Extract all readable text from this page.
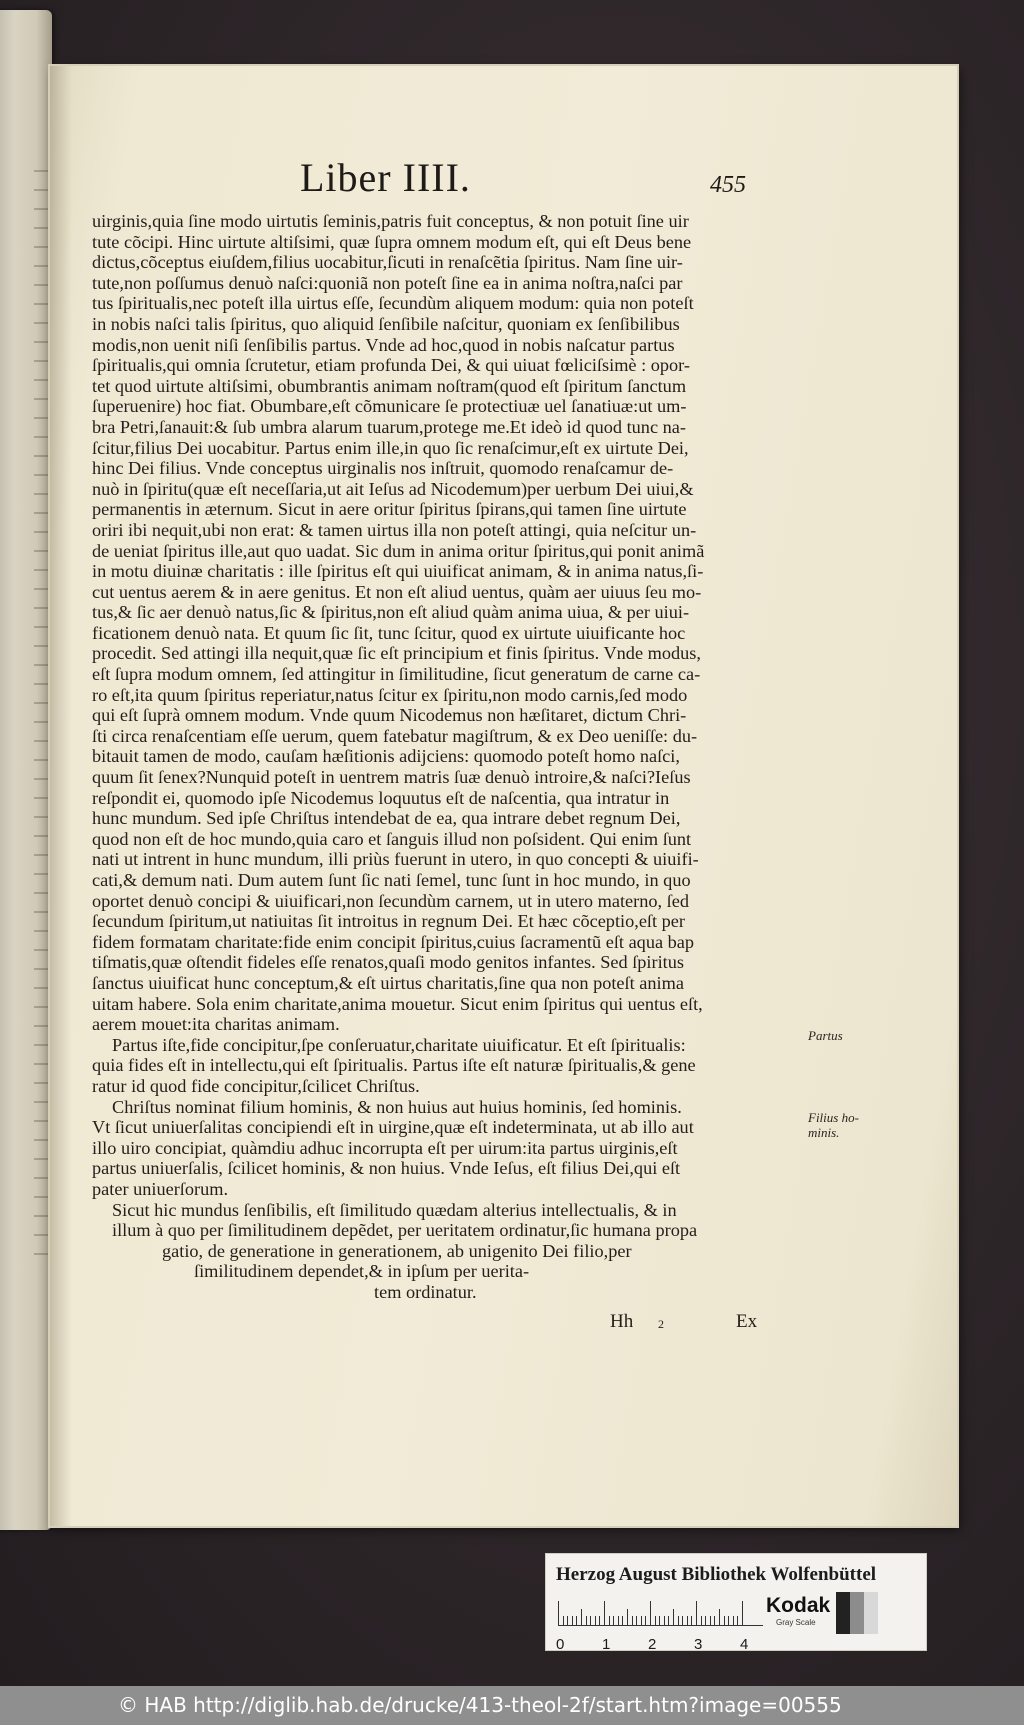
Liber IIII.	455
uirginis,quia ſine modo uirtutis ſeminis,patris fuit conceptus, & non potuit ſine uir
tute cõcipi. Hinc uirtute altiſsimi, quæ ſupra omnem modum eſt, qui eſt Deus bene
dictus,cõceptus eiuſdem,filius uocabitur,ſicuti in renaſcẽtia ſpiritus. Nam ſine uir-
tute,non poſſumus denuò naſci:quoniã non poteſt ſine ea in anima noſtra,naſci par
tus ſpiritualis,nec poteſt illa uirtus eſſe, ſecundùm aliquem modum: quia non poteſt
in nobis naſci talis ſpiritus, quo aliquid ſenſibile naſcitur, quoniam ex ſenſibilibus
modis,non uenit niſi ſenſibilis partus. Vnde ad hoc,quod in nobis naſcatur partus
ſpiritualis,qui omnia ſcrutetur, etiam profunda Dei, & qui uiuat fœliciſsimè : opor-
tet quod uirtute altiſsimi, obumbrantis animam noſtram(quod eſt ſpiritum ſanctum
ſuperuenire) hoc fiat. Obumbare,eſt cõmunicare ſe protectiuæ uel ſanatiuæ:ut um-
bra Petri,ſanauit:& ſub umbra alarum tuarum,protege me.Et ideò id quod tunc na-
ſcitur,filius Dei uocabitur. Partus enim ille,in quo ſic renaſcimur,eſt ex uirtute Dei,
hinc Dei filius. Vnde conceptus uirginalis nos inſtruit, quomodo renaſcamur de-
nuò in ſpiritu(quæ eſt neceſſaria,ut ait Ieſus ad Nicodemum)per uerbum Dei uiui,&
permanentis in æternum. Sicut in aere oritur ſpiritus ſpirans,qui tamen ſine uirtute
oriri ibi nequit,ubi non erat: & tamen uirtus illa non poteſt attingi, quia neſcitur un-
de ueniat ſpiritus ille,aut quo uadat. Sic dum in anima oritur ſpiritus,qui ponit animã
in motu diuinæ charitatis : ille ſpiritus eſt qui uiuificat animam, & in anima natus,ſi-
cut uentus aerem & in aere genitus. Et non eſt aliud uentus, quàm aer uiuus ſeu mo-
tus,& ſic aer denuò natus,ſic & ſpiritus,non eſt aliud quàm anima uiua, & per uiui-
ficationem denuò nata. Et quum ſic ſit, tunc ſcitur, quod ex uirtute uiuificante hoc
procedit. Sed attingi illa nequit,quæ ſic eſt principium et finis ſpiritus. Vnde modus,
eſt ſupra modum omnem, ſed attingitur in ſimilitudine, ſicut generatum de carne ca-
ro eſt,ita quum ſpiritus reperiatur,natus ſcitur ex ſpiritu,non modo carnis,ſed modo
qui eſt ſuprà omnem modum. Vnde quum Nicodemus non hæſitaret, dictum Chri-
ſti circa renaſcentiam eſſe uerum, quem fatebatur magiſtrum, & ex Deo ueniſſe: du-
bitauit tamen de modo, cauſam hæſitionis adijciens: quomodo poteſt homo naſci,
quum ſit ſenex?Nunquid poteſt in uentrem matris ſuæ denuò introire,& naſci?Ieſus
reſpondit ei, quomodo ipſe Nicodemus loquutus eſt de naſcentia, qua intratur in
hunc mundum. Sed ipſe Chriſtus intendebat de ea, qua intrare debet regnum Dei,
quod non eſt de hoc mundo,quia caro et ſanguis illud non poſsident. Qui enim ſunt
nati ut intrent in hunc mundum, illi priùs fuerunt in utero, in quo concepti & uiuifi-
cati,& demum nati. Dum autem ſunt ſic nati ſemel, tunc ſunt in hoc mundo, in quo
oportet denuò concipi & uiuificari,non ſecundùm carnem, ut in utero materno, ſed
ſecundum ſpiritum,ut natiuitas ſit introitus in regnum Dei. Et hæc cõceptio,eſt per
fidem formatam charitate:fide enim concipit ſpiritus,cuius ſacramentũ eſt aqua bap
tiſmatis,quæ oſtendit fideles eſſe renatos,quaſi modo genitos infantes. Sed ſpiritus
ſanctus uiuificat hunc conceptum,& eſt uirtus charitatis,ſine qua non poteſt anima
uitam habere. Sola enim charitate,anima mouetur. Sicut enim ſpiritus qui uentus eſt,
aerem mouet:ita charitas animam.
Partus iſte,fide concipitur,ſpe conſeruatur,charitate uiuificatur. Et eſt ſpiritualis:
quia fides eſt in intellectu,qui eſt ſpiritualis. Partus iſte eſt naturæ ſpiritualis,& gene
ratur id quod fide concipitur,ſcilicet Chriſtus.
Chriſtus nominat filium hominis, & non huius aut huius hominis, ſed hominis.
Vt ſicut uniuerſalitas concipiendi eſt in uirgine,quæ eſt indeterminata, ut ab illo aut
illo uiro concipiat, quàmdiu adhuc incorrupta eſt per uirum:ita partus uirginis,eſt
partus uniuerſalis, ſcilicet hominis, & non huius. Vnde Ieſus, eſt filius Dei,qui eſt
pater uniuerſorum.
Sicut hic mundus ſenſibilis, eſt ſimilitudo quædam alterius intellectualis, & in
illum à quo per ſimilitudinem depẽdet, per ueritatem ordinatur,ſic humana propa
gatio, de generatione in generationem, ab unigenito Dei filio,per
ſimilitudinem dependet,& in ipſum per uerita-
tem ordinatur.
Hh 2	Ex
Partus
Filius ho-
minis.
Herzog August Bibliothek Wolfenbüttel
0	1	2	3	4
Kodak
Gray Scale
© HAB http://diglib.hab.de/drucke/413-theol-2f/start.htm?image=00555
